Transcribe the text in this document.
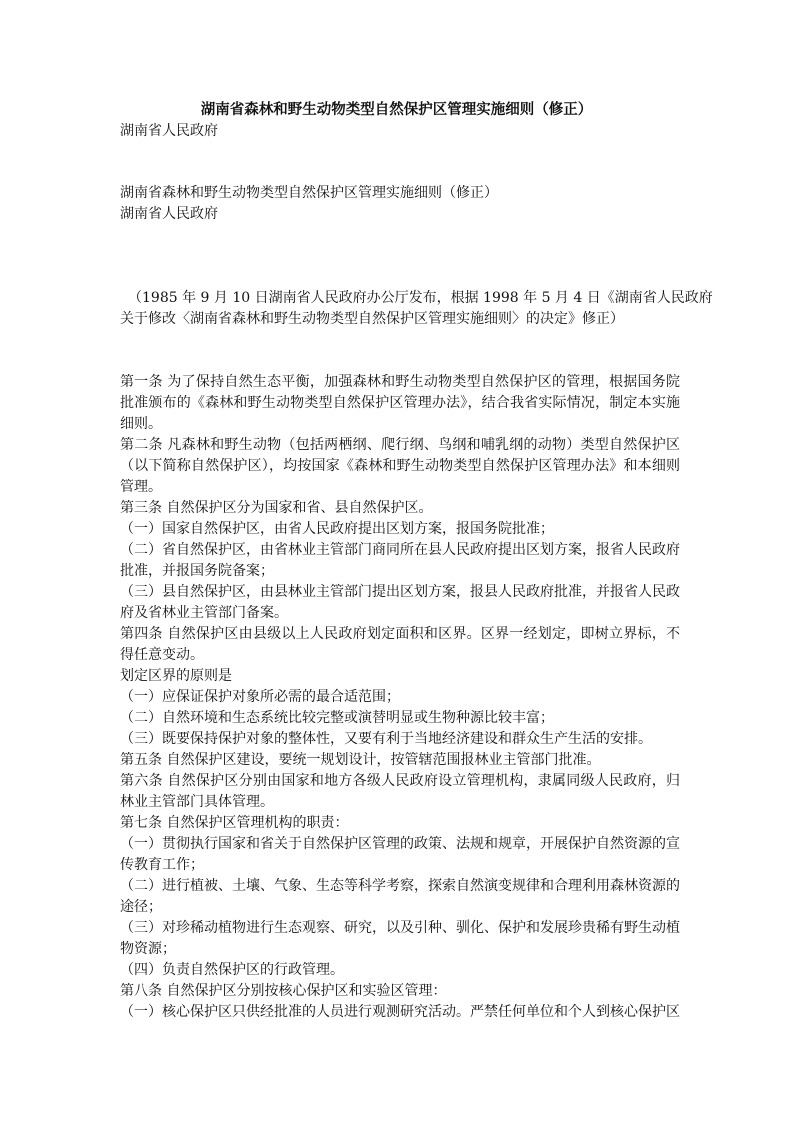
湖南省森林和野生动物类型自然保护区管理实施细则（修正）
湖南省人民政府
湖南省森林和野生动物类型自然保护区管理实施细则（修正）
湖南省人民政府
（1985 年 9 月 10 日湖南省人民政府办公厅发布，根据 1998 年 5 月 4 日《湖南省人民政府
关于修改〈湖南省森林和野生动物类型自然保护区管理实施细则〉的决定》修正）
第一条 为了保持自然生态平衡，加强森林和野生动物类型自然保护区的管理，根据国务院
批准颁布的《森林和野生动物类型自然保护区管理办法》，结合我省实际情况，制定本实施
细则。
第二条 凡森林和野生动物（包括两栖纲、爬行纲、鸟纲和哺乳纲的动物）类型自然保护区
（以下简称自然保护区），均按国家《森林和野生动物类型自然保护区管理办法》和本细则
管理。
第三条 自然保护区分为国家和省、县自然保护区。
（一）国家自然保护区，由省人民政府提出区划方案，报国务院批准；
（二）省自然保护区，由省林业主管部门商同所在县人民政府提出区划方案，报省人民政府
批准，并报国务院备案；
（三）县自然保护区，由县林业主管部门提出区划方案，报县人民政府批准，并报省人民政
府及省林业主管部门备案。
第四条 自然保护区由县级以上人民政府划定面积和区界。区界一经划定，即树立界标，不
得任意变动。
划定区界的原则是
（一）应保证保护对象所必需的最合适范围；
（二）自然环境和生态系统比较完整或演替明显或生物种源比较丰富；
（三）既要保持保护对象的整体性，又要有利于当地经济建设和群众生产生活的安排。
第五条 自然保护区建设，要统一规划设计，按管辖范围报林业主管部门批准。
第六条 自然保护区分别由国家和地方各级人民政府设立管理机构，隶属同级人民政府，归
林业主管部门具体管理。
第七条 自然保护区管理机构的职责：
（一）贯彻执行国家和省关于自然保护区管理的政策、法规和规章，开展保护自然资源的宣
传教育工作；
（二）进行植被、土壤、气象、生态等科学考察，探索自然演变规律和合理利用森林资源的
途径；
（三）对珍稀动植物进行生态观察、研究，以及引种、驯化、保护和发展珍贵稀有野生动植
物资源；
（四）负责自然保护区的行政管理。
第八条 自然保护区分别按核心保护区和实验区管理：
（一）核心保护区只供经批准的人员进行观测研究活动。严禁任何单位和个人到核心保护区
